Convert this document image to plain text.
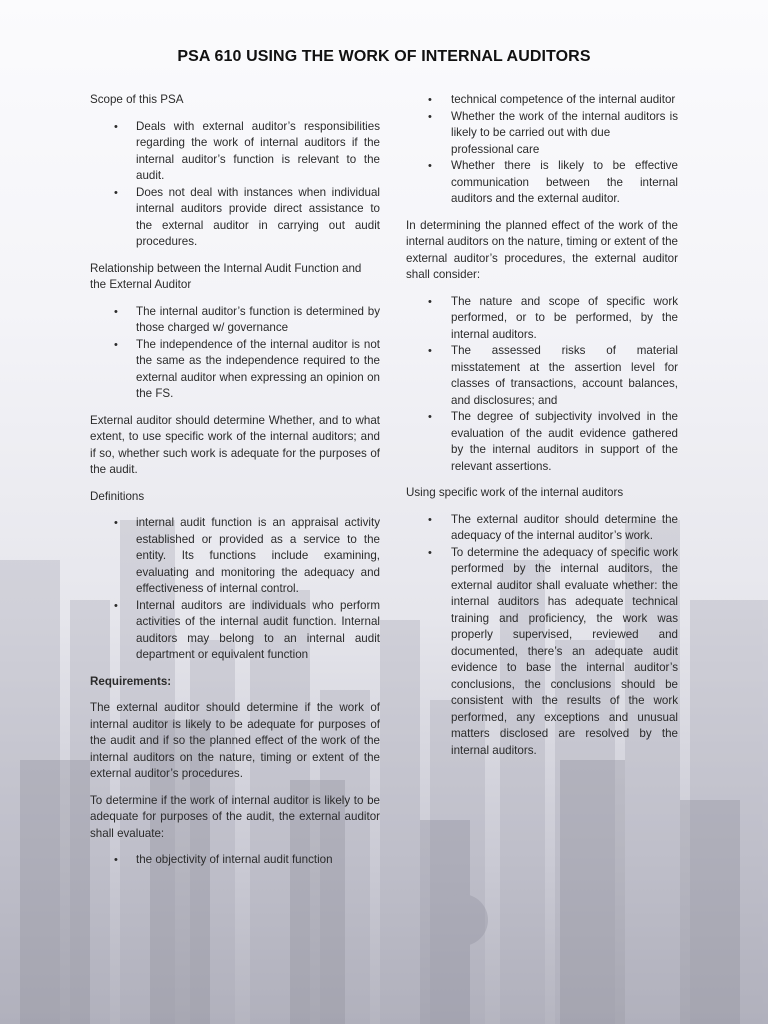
PSA 610 USING THE WORK OF INTERNAL AUDITORS

Scope of this PSA

• Deals with external auditor’s responsibilities regarding the work of internal auditors if the internal auditor’s function is relevant to the audit.
• Does not deal with instances when individual internal auditors provide direct assistance to the external auditor in carrying out audit procedures.

Relationship between the Internal Audit Function and the External Auditor

• The internal auditor’s function is determined by those charged w/ governance
• The independence of the internal auditor is not the same as the independence required to the external auditor when expressing an opinion on the FS.

External auditor should determine Whether, and to what extent, to use specific work of the internal auditors; and if so, whether such work is adequate for the purposes of the audit.

Definitions

• internal audit function is an appraisal activity established or provided as a service to the entity. Its functions include examining, evaluating and monitoring the adequacy and effectiveness of internal control.
• Internal auditors are individuals who perform activities of the internal audit function. Internal auditors may belong to an internal audit department or equivalent function

Requirements:

The external auditor should determine if the work of internal auditor is likely to be adequate for purposes of the audit and if so the planned effect of the work of the internal auditors on the nature, timing or extent of the external auditor’s procedures.

To determine if the work of internal auditor is likely to be adequate for purposes of the audit, the external auditor shall evaluate:

• the objectivity of internal audit function
• technical competence of the internal auditor
• Whether the work of the internal auditors is likely to be carried out with due
professional care
• Whether there is likely to be effective communication between the internal auditors and the external auditor.

In determining the planned effect of the work of the internal auditors on the nature, timing or extent of the external auditor’s procedures, the external auditor shall consider:

• The nature and scope of specific work performed, or to be performed, by the internal auditors.
• The assessed risks of material misstatement at the assertion level for classes of transactions, account balances, and disclosures; and
• The degree of subjectivity involved in the evaluation of the audit evidence gathered by the internal auditors in support of the relevant assertions.

Using specific work of the internal auditors

• The external auditor should determine the adequacy of the internal auditor’s work.
• To determine the adequacy of specific work performed by the internal auditors, the external auditor shall evaluate whether: the internal auditors has adequate technical training and proficiency, the work was properly supervised, reviewed and documented, there’s an adequate audit evidence to base the internal auditor’s conclusions, the conclusions should be consistent with the results of the work performed, any exceptions and unusual matters disclosed are resolved by the internal auditors.
